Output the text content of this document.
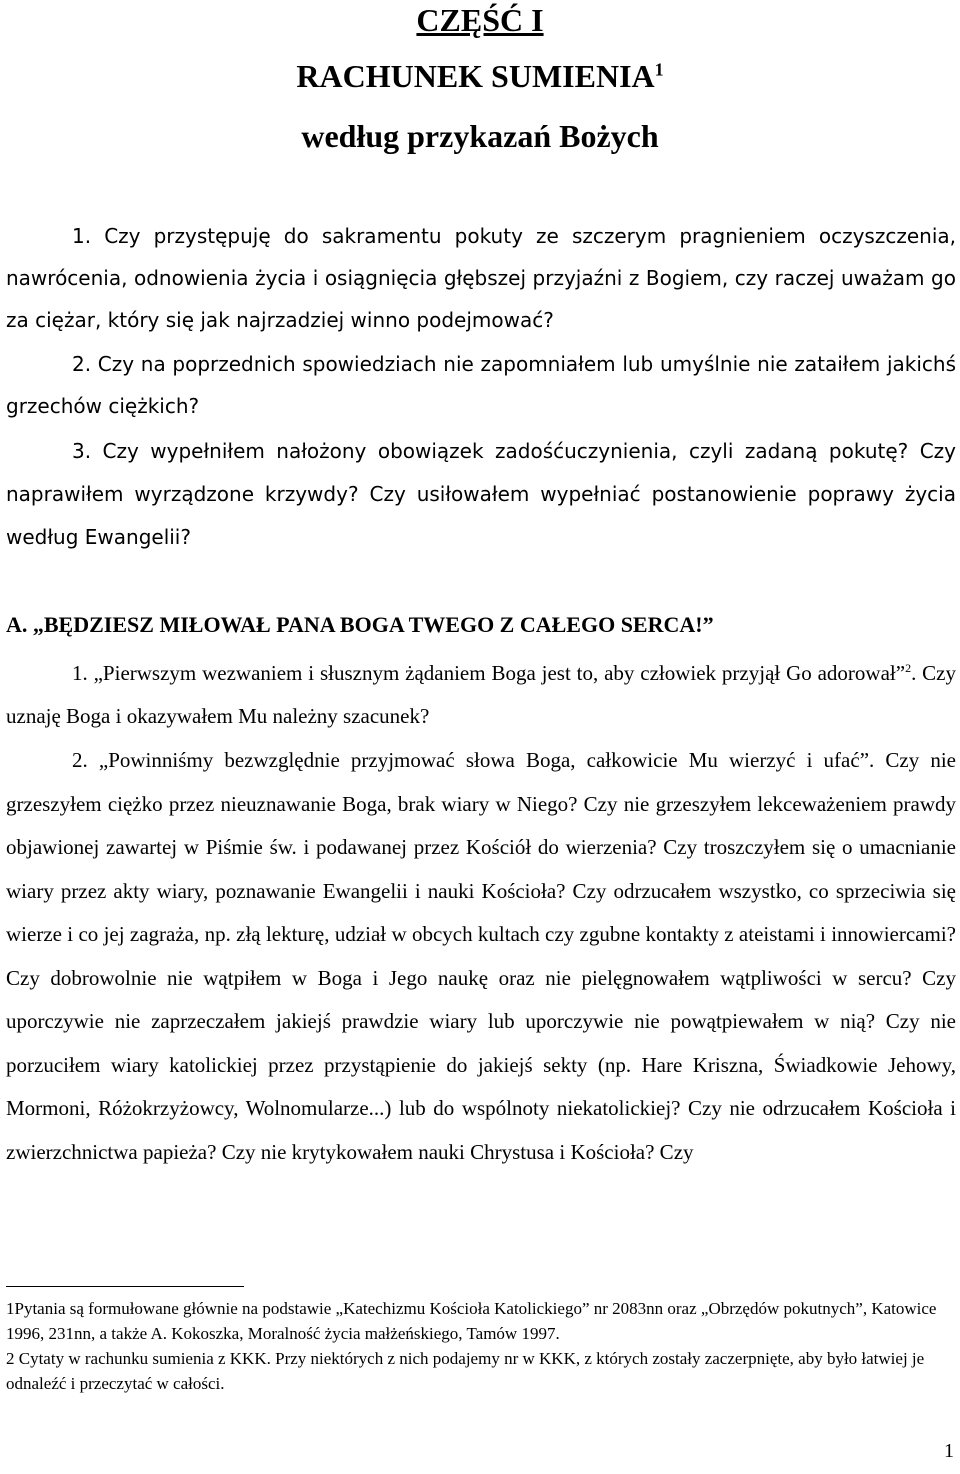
CZĘŚĆ I
RACHUNEK SUMIENIA$^1$
według przykazań Bożych

1. Czy przystępuję do sakramentu pokuty ze szczerym pragnieniem oczyszczenia, nawrócenia, odnowienia życia i osiągnięcia głębszej przyjaźni z Bogiem, czy raczej uważam go za ciężar, który się jak najrzadziej winno podejmować?

2. Czy na poprzednich spowiedziach nie zapomniałem lub umyślnie nie zataiłem jakichś grzechów ciężkich?

3. Czy wypełniłem nałożony obowiązek zadośćuczynienia, czyli zadaną pokutę? Czy naprawiłem wyrządzone krzywdy? Czy usiłowałem wypełniać postanowienie poprawy życia według Ewangelii?

A. „BĘDZIESZ MIŁOWAŁ PANA BOGA TWEGO Z CAŁEGO SERCA!”

1. „Pierwszym wezwaniem i słusznym żądaniem Boga jest to, aby człowiek przyjął Go adorował”$^2$. Czy uznaję Boga i okazywałem Mu należny szacunek?

2. „Powinniśmy bezwzględnie przyjmować słowa Boga, całkowicie Mu wierzyć i ufać”. Czy nie grzeszyłem ciężko przez nieuznawanie Boga, brak wiary w Niego? Czy nie grzeszyłem lekceważeniem prawdy objawionej zawartej w Piśmie św. i podawanej przez Kościół do wierzenia? Czy troszczyłem się o umacnianie wiary przez akty wiary, poznawanie Ewangelii i nauki Kościoła? Czy odrzucałem wszystko, co sprzeciwia się wierze i co jej zagraża, np. złą lekturę, udział w obcych kultach czy zgubne kontakty z ateistami i innowiercami? Czy dobrowolnie nie wątpiłem w Boga i Jego naukę oraz nie pielęgnowałem wątpliwości w sercu? Czy uporczywie nie zaprzeczałem jakiejś prawdzie wiary lub uporczywie nie powątpiewałem w nią? Czy nie porzuciłem wiary katolickiej przez przystąpienie do jakiejś sekty (np. Hare Kriszna, Świadkowie Jehowy, Mormoni, Różokrzyżowcy, Wolnomularze...) lub do wspólnoty niekatolickiej? Czy nie odrzucałem Kościoła i zwierzchnictwa papieża? Czy nie krytykowałem nauki Chrystusa i Kościoła? Czy

1Pytania są formułowane głównie na podstawie „Katechizmu Kościoła Katolickiego” nr 2083nn oraz „Obrzędów pokutnych”, Katowice 1996, 231nn, a także A. Kokoszka, Moralność życia małżeńskiego, Tamów 1997.
2 Cytaty w rachunku sumienia z KKK. Przy niektórych z nich podajemy nr w KKK, z których zostały zaczerpnięte, aby było łatwiej je odnaleźć i przeczytać w całości.
1
